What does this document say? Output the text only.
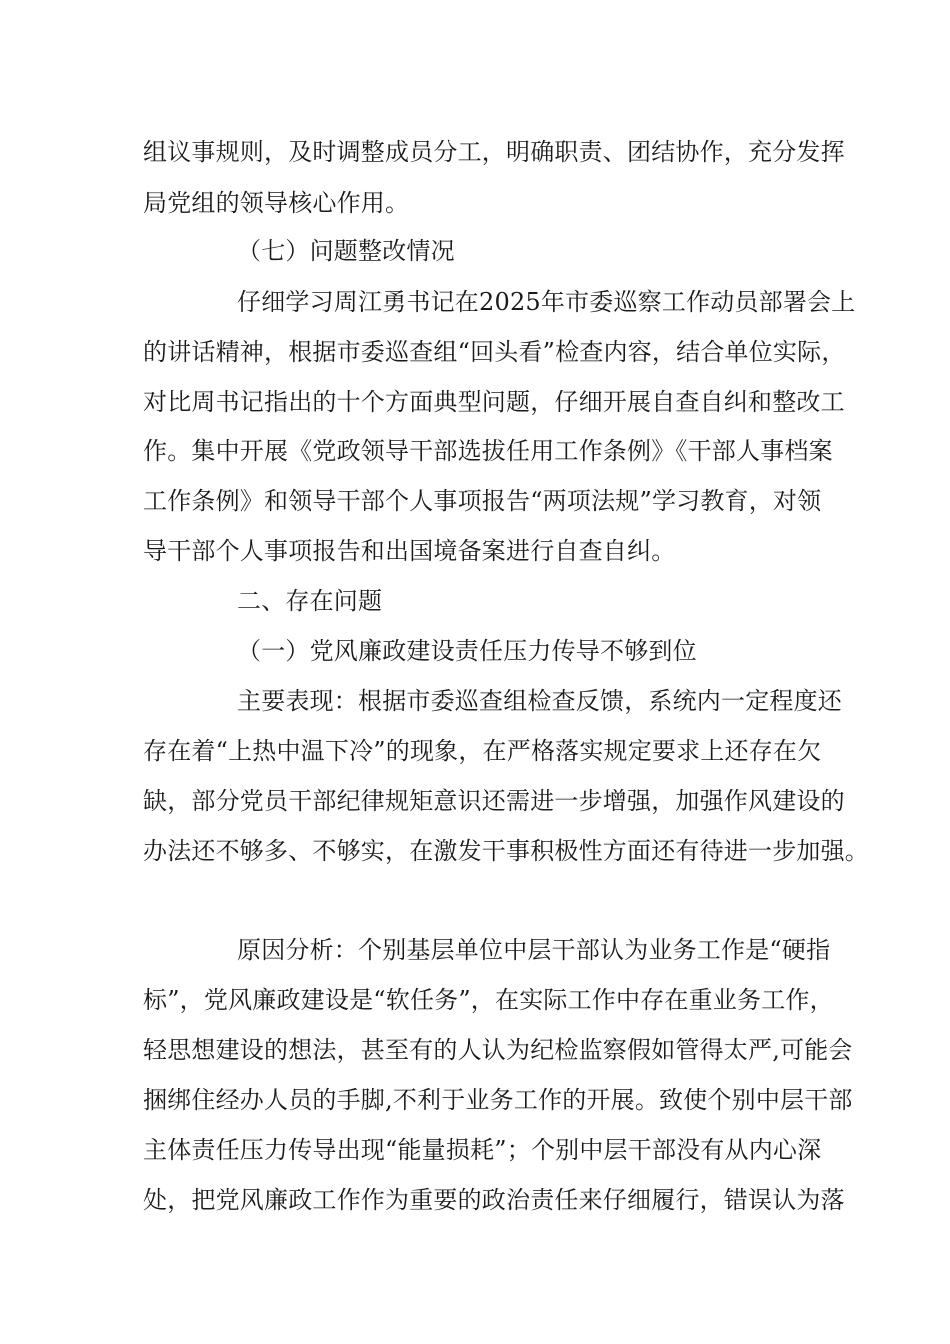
组议事规则，及时调整成员分工，明确职责、团结协作，充分发挥
局党组的领导核心作用。
（七）问题整改情况
仔细学习周江勇书记在2025年市委巡察工作动员部署会上
的讲话精神，根据市委巡查组“回头看”检查内容，结合单位实际，
对比周书记指出的十个方面典型问题，仔细开展自查自纠和整改工
作。集中开展《党政领导干部选拔任用工作条例》《干部人事档案
工作条例》和领导干部个人事项报告“两项法规”学习教育，对领
导干部个人事项报告和出国境备案进行自查自纠。
二、存在问题
（一）党风廉政建设责任压力传导不够到位
主要表现：根据市委巡查组检查反馈，系统内一定程度还
存在着“上热中温下冷”的现象，在严格落实规定要求上还存在欠
缺，部分党员干部纪律规矩意识还需进一步增强，加强作风建设的
办法还不够多、不够实，在激发干事积极性方面还有待进一步加强。
原因分析：个别基层单位中层干部认为业务工作是“硬指
标”，党风廉政建设是“软任务”，在实际工作中存在重业务工作，
轻思想建设的想法，甚至有的人认为纪检监察假如管得太严,可能会
捆绑住经办人员的手脚,不利于业务工作的开展。致使个别中层干部
主体责任压力传导出现“能量损耗”；个别中层干部没有从内心深
处，把党风廉政工作作为重要的政治责任来仔细履行，错误认为落
